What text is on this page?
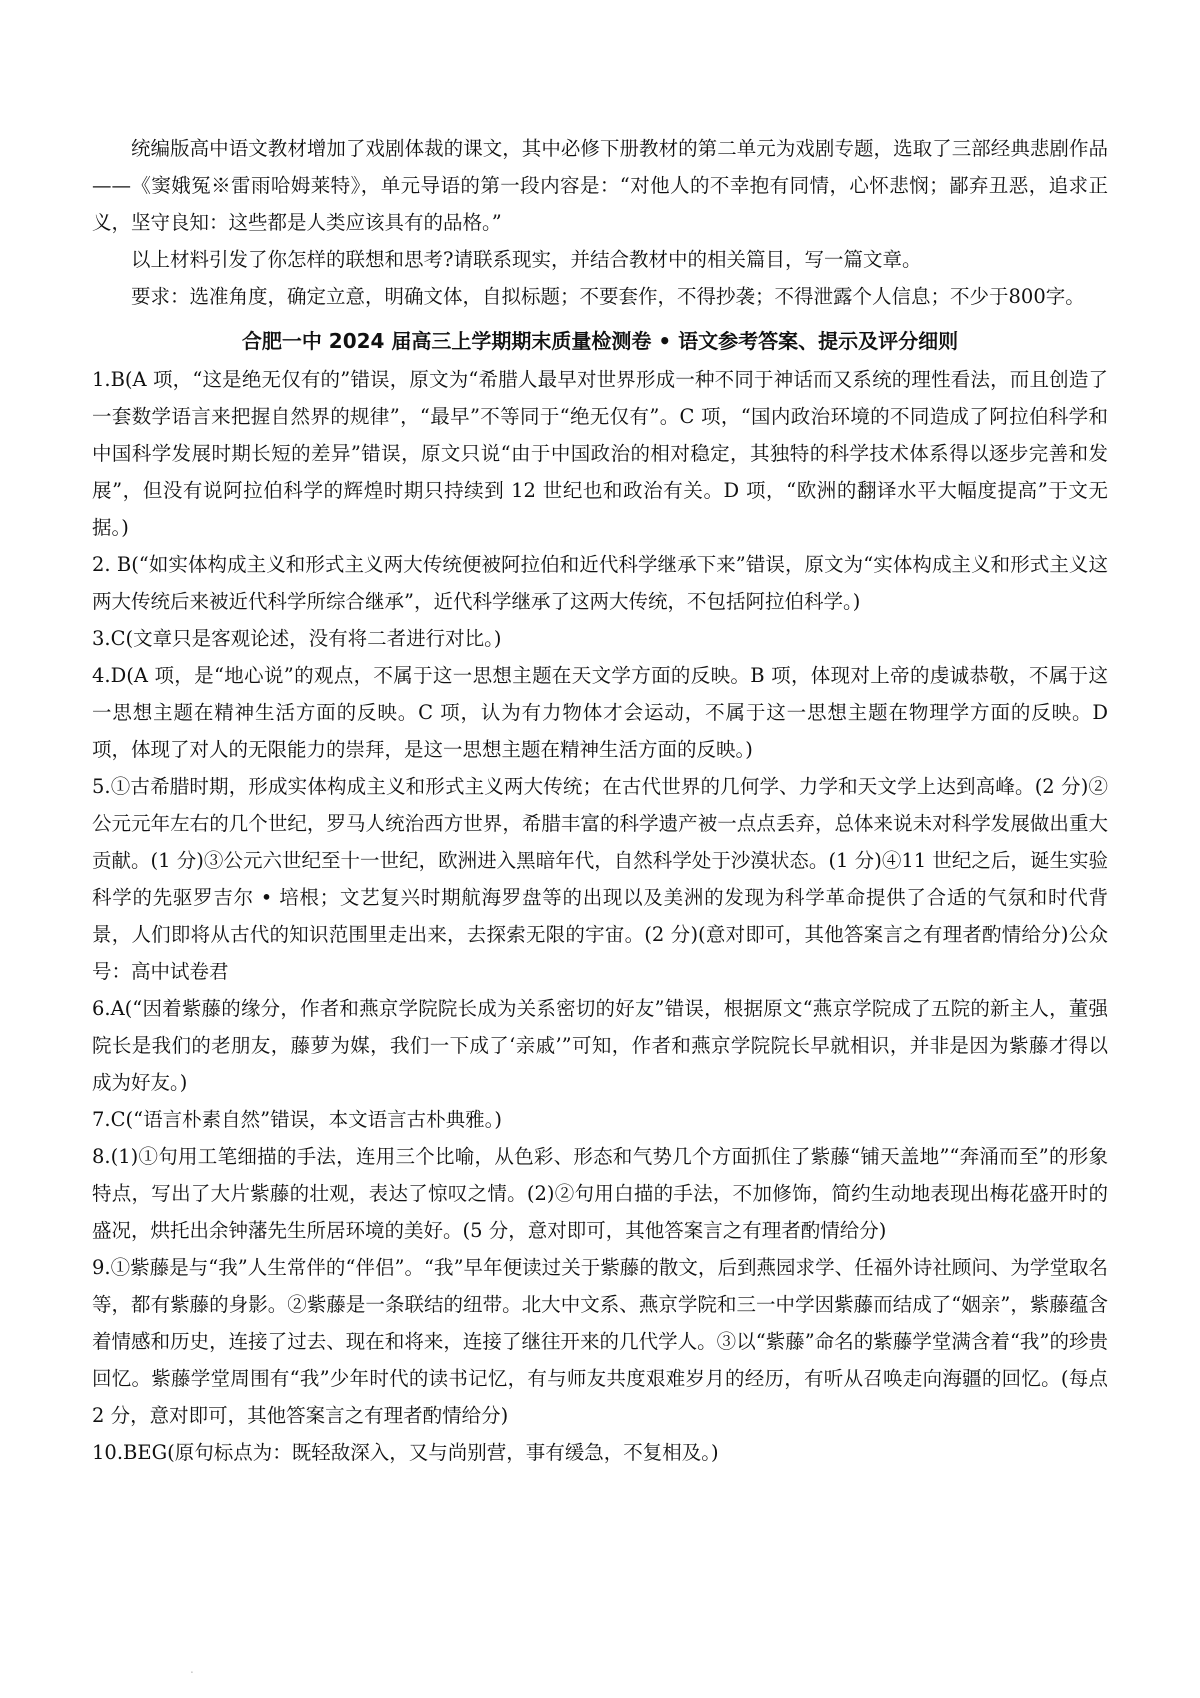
统编版高中语文教材增加了戏剧体裁的课文，其中必修下册教材的第二单元为戏剧专题，选取了三部经典悲剧作品——《窦娥冤※雷雨哈姆莱特》，单元导语的第一段内容是：“对他人的不幸抱有同情，心怀悲悯；鄙弃丑恶，追求正义，坚守良知：这些都是人类应该具有的品格。”

以上材料引发了你怎样的联想和思考?请联系现实，并结合教材中的相关篇目，写一篇文章。

要求：选准角度，确定立意，明确文体，自拟标题；不要套作，不得抄袭；不得泄露个人信息；不少于800字。

合肥一中 2024 届高三上学期期末质量检测卷 • 语文参考答案、提示及评分细则

1.B(A 项，“这是绝无仅有的”错误，原文为“希腊人最早对世界形成一种不同于神话而又系统的理性看法，而且创造了一套数学语言来把握自然界的规律”，“最早”不等同于“绝无仅有”。C 项，“国内政治环境的不同造成了阿拉伯科学和中国科学发展时期长短的差异”错误，原文只说“由于中国政治的相对稳定，其独特的科学技术体系得以逐步完善和发展”，但没有说阿拉伯科学的辉煌时期只持续到 12 世纪也和政治有关。D 项，“欧洲的翻译水平大幅度提高”于文无据。)

2. B(“如实体构成主义和形式主义两大传统便被阿拉伯和近代科学继承下来”错误，原文为“实体构成主义和形式主义这两大传统后来被近代科学所综合继承”，近代科学继承了这两大传统，不包括阿拉伯科学。)

3.C(文章只是客观论述，没有将二者进行对比。)

4.D(A 项，是“地心说”的观点，不属于这一思想主题在天文学方面的反映。B 项，体现对上帝的虔诚恭敬，不属于这一思想主题在精神生活方面的反映。C 项，认为有力物体才会运动，不属于这一思想主题在物理学方面的反映。D 项，体现了对人的无限能力的崇拜，是这一思想主题在精神生活方面的反映。)

5.①古希腊时期，形成实体构成主义和形式主义两大传统；在古代世界的几何学、力学和天文学上达到高峰。(2 分)②公元元年左右的几个世纪，罗马人统治西方世界，希腊丰富的科学遗产被一点点丢弃，总体来说未对科学发展做出重大贡献。(1 分)③公元六世纪至十一世纪，欧洲进入黑暗年代，自然科学处于沙漠状态。(1 分)④11 世纪之后，诞生实验科学的先驱罗吉尔 • 培根；文艺复兴时期航海罗盘等的出现以及美洲的发现为科学革命提供了合适的气氛和时代背景，人们即将从古代的知识范围里走出来，去探索无限的宇宙。(2 分)(意对即可，其他答案言之有理者酌情给分)公众号：高中试卷君

6.A(“因着紫藤的缘分，作者和燕京学院院长成为关系密切的好友”错误，根据原文“燕京学院成了五院的新主人，董强院长是我们的老朋友，藤萝为媒，我们一下成了‘亲戚’”可知，作者和燕京学院院长早就相识，并非是因为紫藤才得以成为好友。)

7.C(“语言朴素自然”错误，本文语言古朴典雅。)

8.(1)①句用工笔细描的手法，连用三个比喻，从色彩、形态和气势几个方面抓住了紫藤“铺天盖地”“奔涌而至”的形象特点，写出了大片紫藤的壮观，表达了惊叹之情。(2)②句用白描的手法，不加修饰，简约生动地表现出梅花盛开时的盛况，烘托出余钟藩先生所居环境的美好。(5 分，意对即可，其他答案言之有理者酌情给分)

9.①紫藤是与“我”人生常伴的“伴侣”。“我”早年便读过关于紫藤的散文，后到燕园求学、任福外诗社顾问、为学堂取名等，都有紫藤的身影。②紫藤是一条联结的纽带。北大中文系、燕京学院和三一中学因紫藤而结成了“姻亲”，紫藤蕴含着情感和历史，连接了过去、现在和将来，连接了继往开来的几代学人。③以“紫藤”命名的紫藤学堂满含着“我”的珍贵回忆。紫藤学堂周围有“我”少年时代的读书记忆，有与师友共度艰难岁月的经历，有听从召唤走向海疆的回忆。(每点 2 分，意对即可，其他答案言之有理者酌情给分)

10.BEG(原句标点为：既轻敌深入，又与尚别营，事有缓急，不复相及。)

.
